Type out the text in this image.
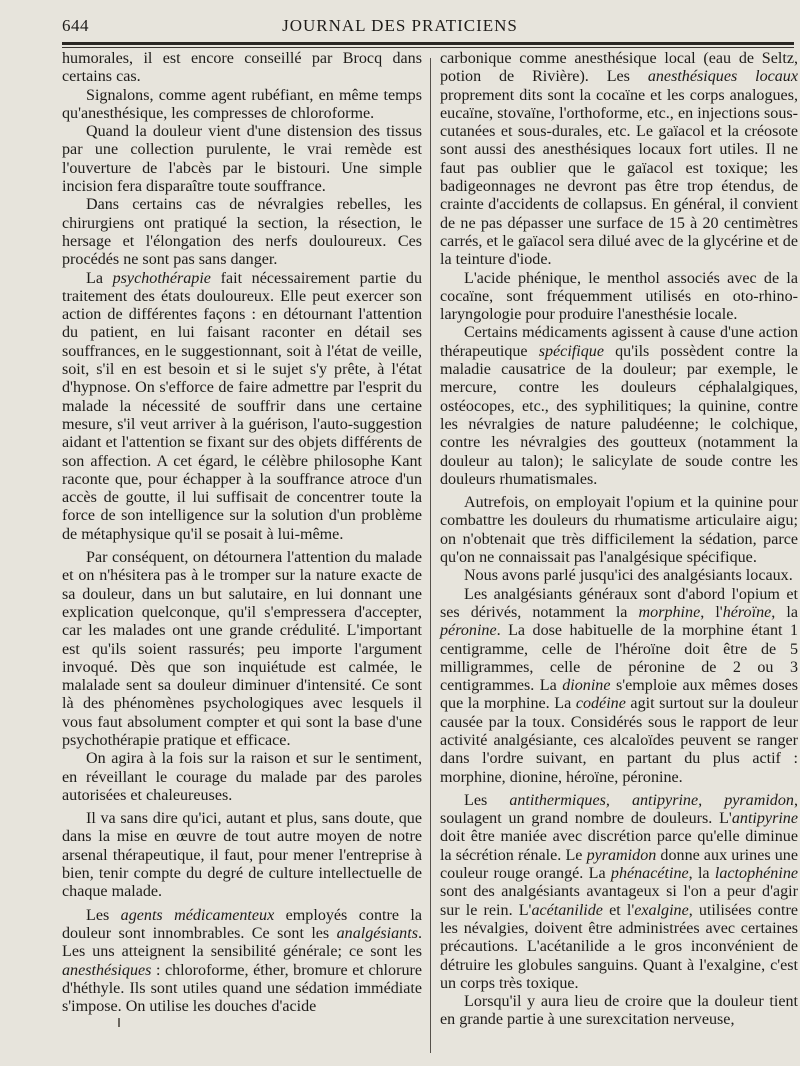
644	JOURNAL DES PRATICIENS

humorales, il est encore conseillé par Brocq dans certains cas.

Signalons, comme agent rubéfiant, en même temps qu'anesthésique, les compresses de chloroforme.

Quand la douleur vient d'une distension des tissus par une collection purulente, le vrai remède est l'ouverture de l'abcès par le bistouri. Une simple incision fera disparaître toute souffrance.

Dans certains cas de névralgies rebelles, les chirurgiens ont pratiqué la section, la résection, le hersage et l'élongation des nerfs douloureux. Ces procédés ne sont pas sans danger.

La psychothérapie fait nécessairement partie du traitement des états douloureux. Elle peut exercer son action de différentes façons : en détournant l'attention du patient, en lui faisant raconter en détail ses souffrances, en le suggestionnant, soit à l'état de veille, soit, s'il en est besoin et si le sujet s'y prête, à l'état d'hypnose. On s'efforce de faire admettre par l'esprit du malade la nécessité de souffrir dans une certaine mesure, s'il veut arriver à la guérison, l'auto-suggestion aidant et l'attention se fixant sur des objets différents de son affection. A cet égard, le célèbre philosophe Kant raconte que, pour échapper à la souffrance atroce d'un accès de goutte, il lui suffisait de concentrer toute la force de son intelligence sur la solution d'un problème de métaphysique qu'il se posait à lui-même.

Par conséquent, on détournera l'attention du malade et on n'hésitera pas à le tromper sur la nature exacte de sa douleur, dans un but salutaire, en lui donnant une explication quelconque, qu'il s'empressera d'accepter, car les malades ont une grande crédulité. L'important est qu'ils soient rassurés; peu importe l'argument invoqué. Dès que son inquiétude est calmée, le malalade sent sa douleur diminuer d'intensité. Ce sont là des phénomènes psychologiques avec lesquels il vous faut absolument compter et qui sont la base d'une psychothérapie pratique et efficace.

On agira à la fois sur la raison et sur le sentiment, en réveillant le courage du malade par des paroles autorisées et chaleureuses.

Il va sans dire qu'ici, autant et plus, sans doute, que dans la mise en œuvre de tout autre moyen de notre arsenal thérapeutique, il faut, pour mener l'entreprise à bien, tenir compte du degré de culture intellectuelle de chaque malade.

Les agents médicamenteux employés contre la douleur sont innombrables. Ce sont les analgésiants. Les uns atteignent la sensibilité générale; ce sont les anesthésiques : chloroforme, éther, bromure et chlorure d'héthyle. Ils sont utiles quand une sédation immédiate s'impose. On utilise les douches d'acide

carbonique comme anesthésique local (eau de Seltz, potion de Rivière). Les anesthésiques locaux proprement dits sont la cocaïne et les corps analogues, eucaïne, stovaïne, l'orthoforme, etc., en injections sous-cutanées et sous-durales, etc. Le gaïacol et la créosote sont aussi des anesthésiques locaux fort utiles. Il ne faut pas oublier que le gaïacol est toxique; les badigeonnages ne devront pas être trop étendus, de crainte d'accidents de collapsus. En général, il convient de ne pas dépasser une surface de 15 à 20 centimètres carrés, et le gaïacol sera dilué avec de la glycérine et de la teinture d'iode.

L'acide phénique, le menthol associés avec de la cocaïne, sont fréquemment utilisés en oto-rhino-laryngologie pour produire l'anesthésie locale.

Certains médicaments agissent à cause d'une action thérapeutique spécifique qu'ils possèdent contre la maladie causatrice de la douleur; par exemple, le mercure, contre les douleurs céphalalgiques, ostéocopes, etc., des syphilitiques; la quinine, contre les névralgies de nature paludéenne; le colchique, contre les névralgies des goutteux (notamment la douleur au talon); le salicylate de soude contre les douleurs rhumatismales.

Autrefois, on employait l'opium et la quinine pour combattre les douleurs du rhumatisme articulaire aigu; on n'obtenait que très difficilement la sédation, parce qu'on ne connaissait pas l'analgésique spécifique.

Nous avons parlé jusqu'ici des analgésiants locaux.

Les analgésiants généraux sont d'abord l'opium et ses dérivés, notamment la morphine, l'héroïne, la péronine. La dose habituelle de la morphine étant 1 centigramme, celle de l'héroïne doit être de 5 milligrammes, celle de péronine de 2 ou 3 centigrammes. La dionine s'emploie aux mêmes doses que la morphine. La codéine agit surtout sur la douleur causée par la toux. Considérés sous le rapport de leur activité analgésiante, ces alcaloïdes peuvent se ranger dans l'ordre suivant, en partant du plus actif : morphine, dionine, héroïne, péronine.

Les antithermiques, antipyrine, pyramidon, soulagent un grand nombre de douleurs. L'antipyrine doit être maniée avec discrétion parce qu'elle diminue la sécrétion rénale. Le pyramidon donne aux urines une couleur rouge orangé. La phénacétine, la lactophénine sont des analgésiants avantageux si l'on a peur d'agir sur le rein. L'acétanilide et l'exalgine, utilisées contre les névalgies, doivent être administrées avec certaines précautions. L'acétanilide a le gros inconvénient de détruire les globules sanguins. Quant à l'exalgine, c'est un corps très toxique.

Lorsqu'il y aura lieu de croire que la douleur tient en grande partie à une surexcitation nerveuse,
